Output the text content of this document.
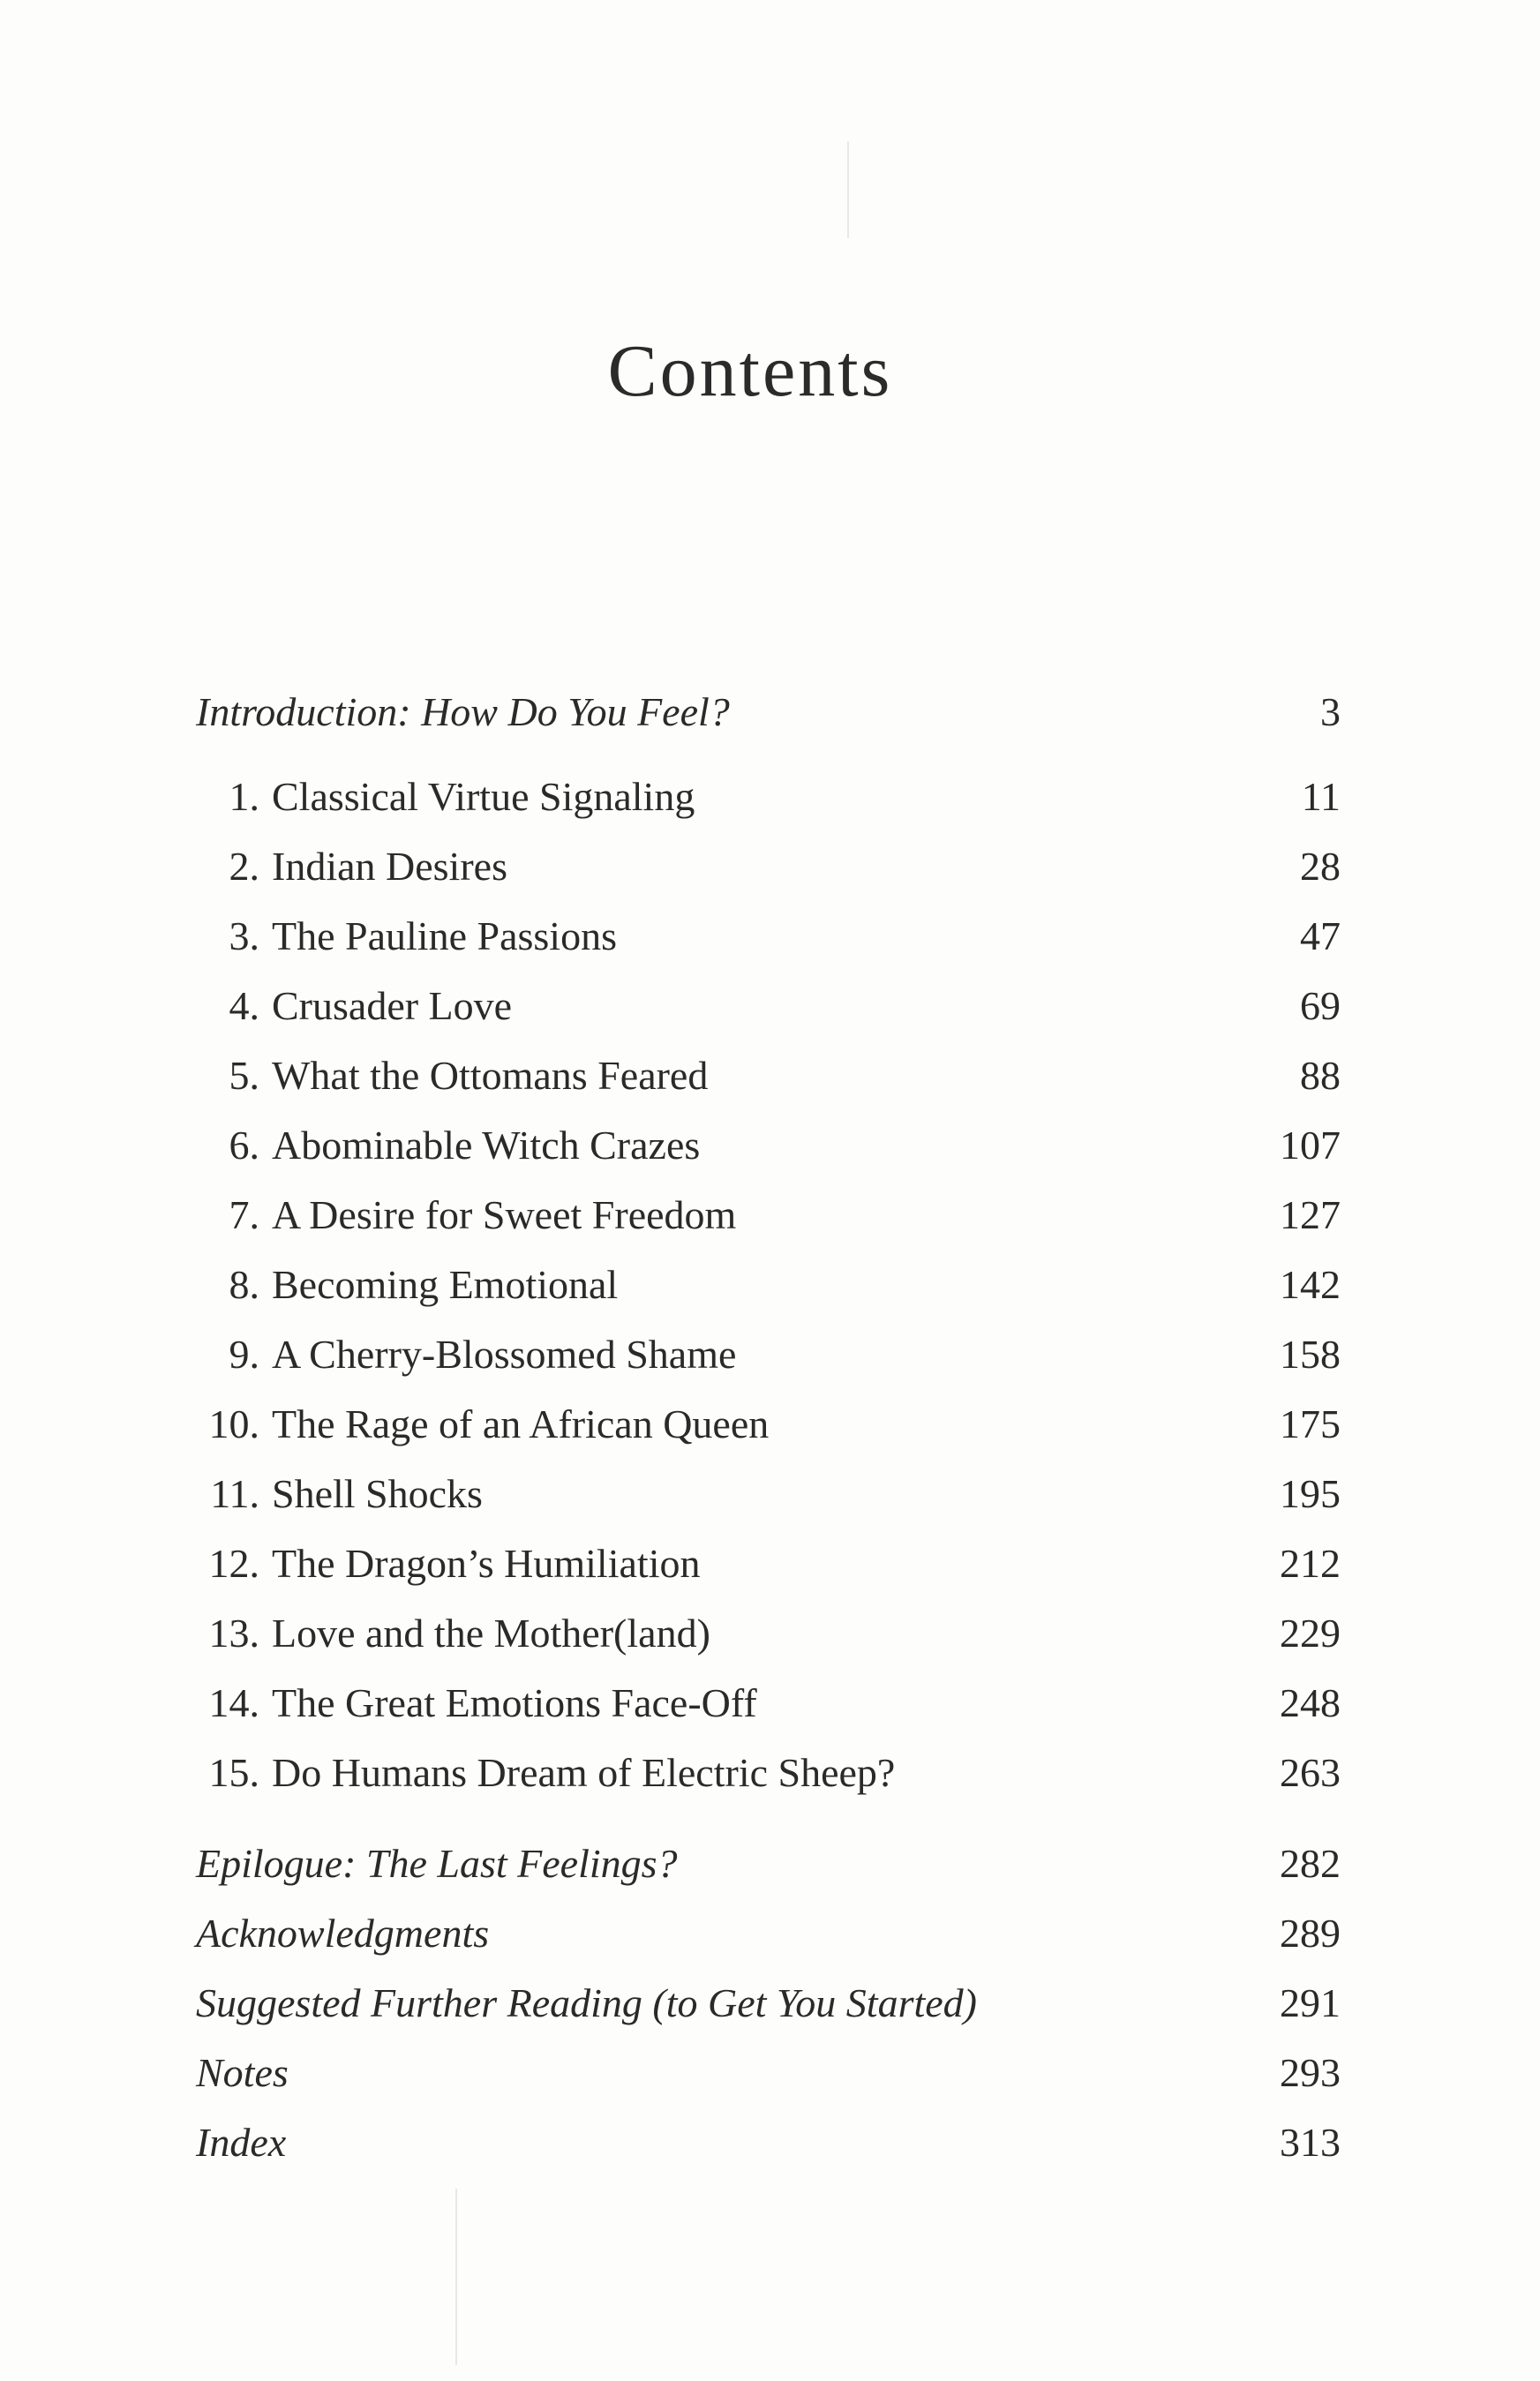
Contents
Introduction: How Do You Feel?	3
1. Classical Virtue Signaling	11
2. Indian Desires	28
3. The Pauline Passions	47
4. Crusader Love	69
5. What the Ottomans Feared	88
6. Abominable Witch Crazes	107
7. A Desire for Sweet Freedom	127
8. Becoming Emotional	142
9. A Cherry-Blossomed Shame	158
10. The Rage of an African Queen	175
11. Shell Shocks	195
12. The Dragon’s Humiliation	212
13. Love and the Mother(land)	229
14. The Great Emotions Face-Off	248
15. Do Humans Dream of Electric Sheep?	263
Epilogue: The Last Feelings?	282
Acknowledgments	289
Suggested Further Reading (to Get You Started)	291
Notes	293
Index	313
